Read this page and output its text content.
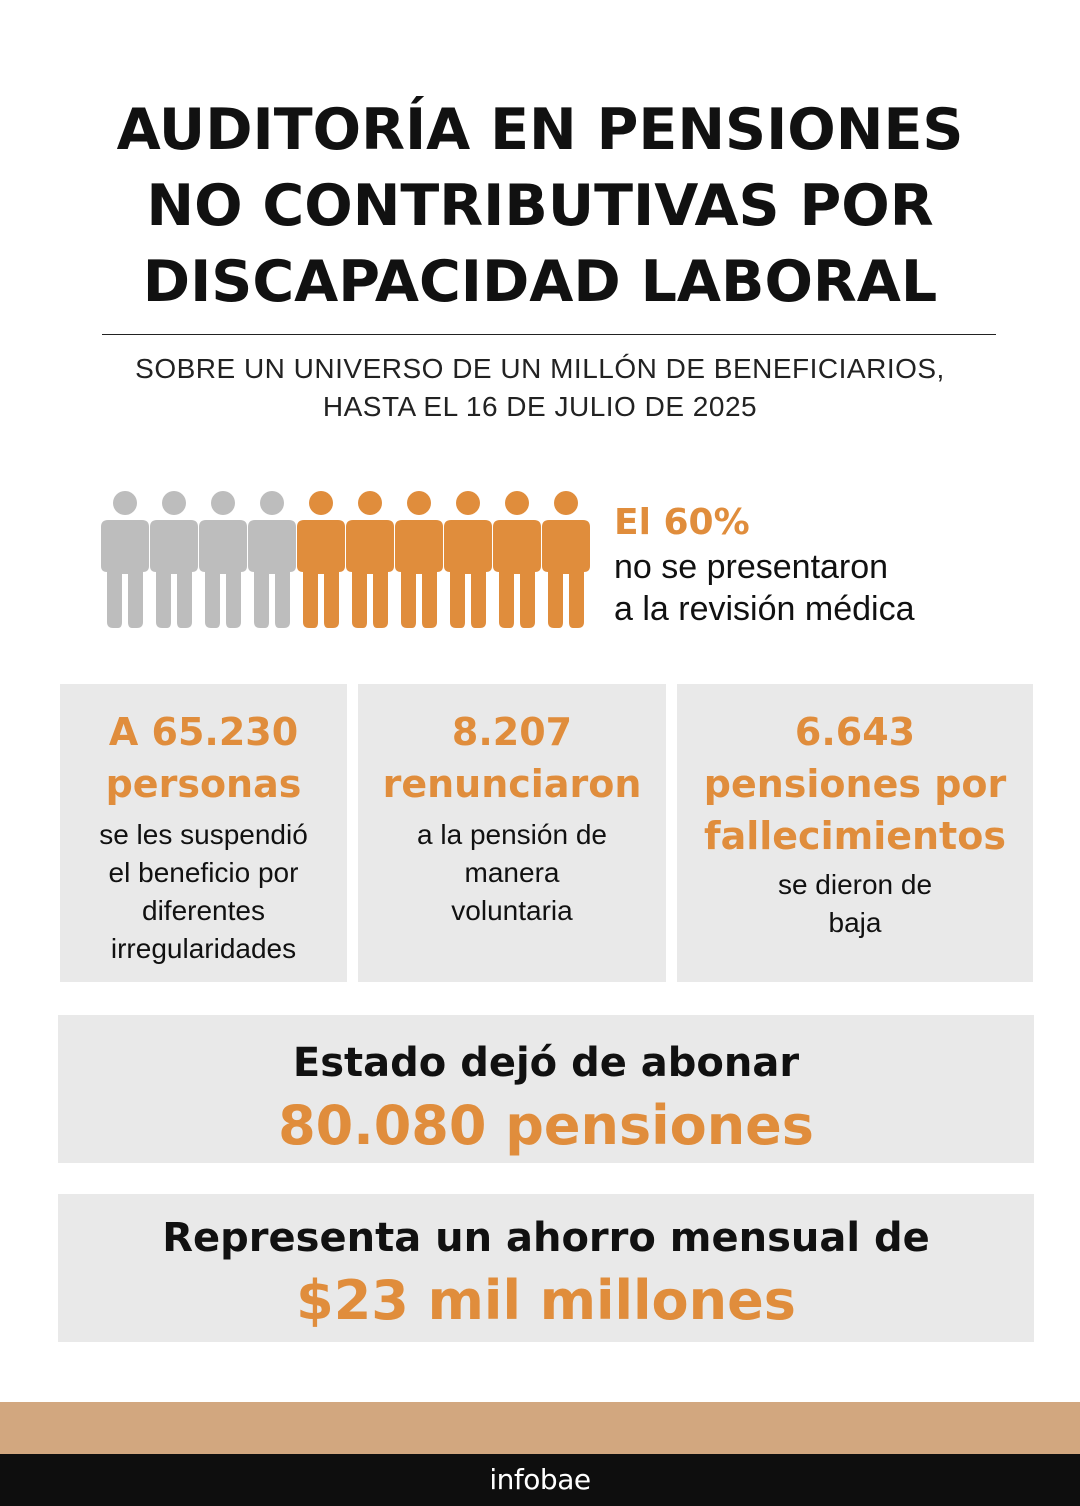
AUDITORÍA EN PENSIONES
NO CONTRIBUTIVAS POR
DISCAPACIDAD LABORAL
SOBRE UN UNIVERSO DE UN MILLÓN DE BENEFICIARIOS,
HASTA EL 16 DE JULIO DE 2025
El 60%
no se presentaron
a la revisión médica
A 65.230
personas
se les suspendió
el beneficio por
diferentes
irregularidades
8.207
renunciaron
a la pensión de
manera
voluntaria
6.643
pensiones por
fallecimientos
se dieron de
baja
Estado dejó de abonar
80.080 pensiones
Representa un ahorro mensual de
$23 mil millones
infobae
